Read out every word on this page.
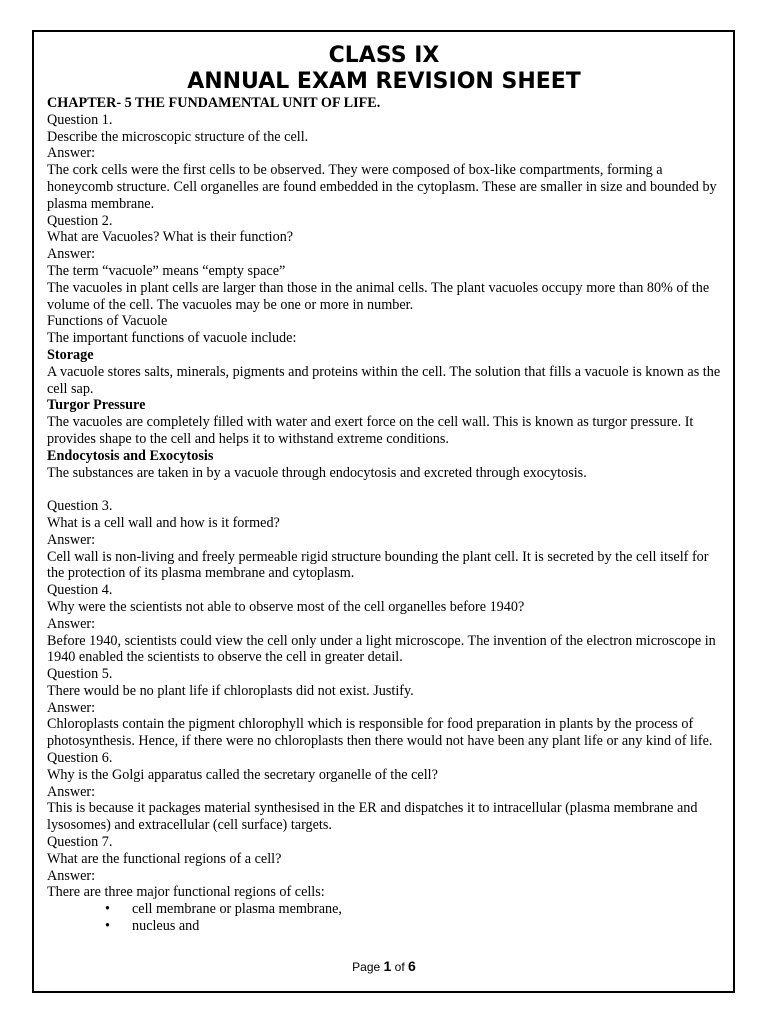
CLASS IX
ANNUAL EXAM REVISION SHEET

CHAPTER- 5 THE FUNDAMENTAL UNIT OF LIFE.

Question 1.

Describe the microscopic structure of the cell.

Answer:

The cork cells were the first cells to be observed. They were composed of box-like compartments, forming a honeycomb structure. Cell organelles are found embedded in the cytoplasm. These are smaller in size and bounded by plasma membrane.

Question 2.

What are Vacuoles? What is their function?

Answer:

The term “vacuole” means “empty space”

The vacuoles in plant cells are larger than those in the animal cells. The plant vacuoles occupy more than 80% of the volume of the cell. The vacuoles may be one or more in number.

Functions of Vacuole

The important functions of vacuole include:

Storage

A vacuole stores salts, minerals, pigments and proteins within the cell. The solution that fills a vacuole is known as the cell sap.

Turgor Pressure

The vacuoles are completely filled with water and exert force on the cell wall. This is known as turgor pressure. It provides shape to the cell and helps it to withstand extreme conditions.

Endocytosis and Exocytosis

The substances are taken in by a vacuole through endocytosis and excreted through exocytosis.

Question 3.

What is a cell wall and how is it formed?

Answer:

Cell wall is non-living and freely permeable rigid structure bounding the plant cell. It is secreted by the cell itself for the protection of its plasma membrane and cytoplasm.

Question 4.

Why were the scientists not able to observe most of the cell organelles before 1940?

Answer:

Before 1940, scientists could view the cell only under a light microscope. The invention of the electron microscope in 1940 enabled the scientists to observe the cell in greater detail.

Question 5.

There would be no plant life if chloroplasts did not exist. Justify.

Answer:

Chloroplasts contain the pigment chlorophyll which is responsible for food preparation in plants by the process of photosynthesis. Hence, if there were no chloroplasts then there would not have been any plant life or any kind of life.

Question 6.

Why is the Golgi apparatus called the secretary organelle of the cell?

Answer:

This is because it packages material synthesised in the ER and dispatches it to intracellular (plasma membrane and lysosomes) and extracellular (cell surface) targets.

Question 7.

What are the functional regions of a cell?

Answer:

There are three major functional regions of cells:

• cell membrane or plasma membrane,

• nucleus and

Page 1 of 6
